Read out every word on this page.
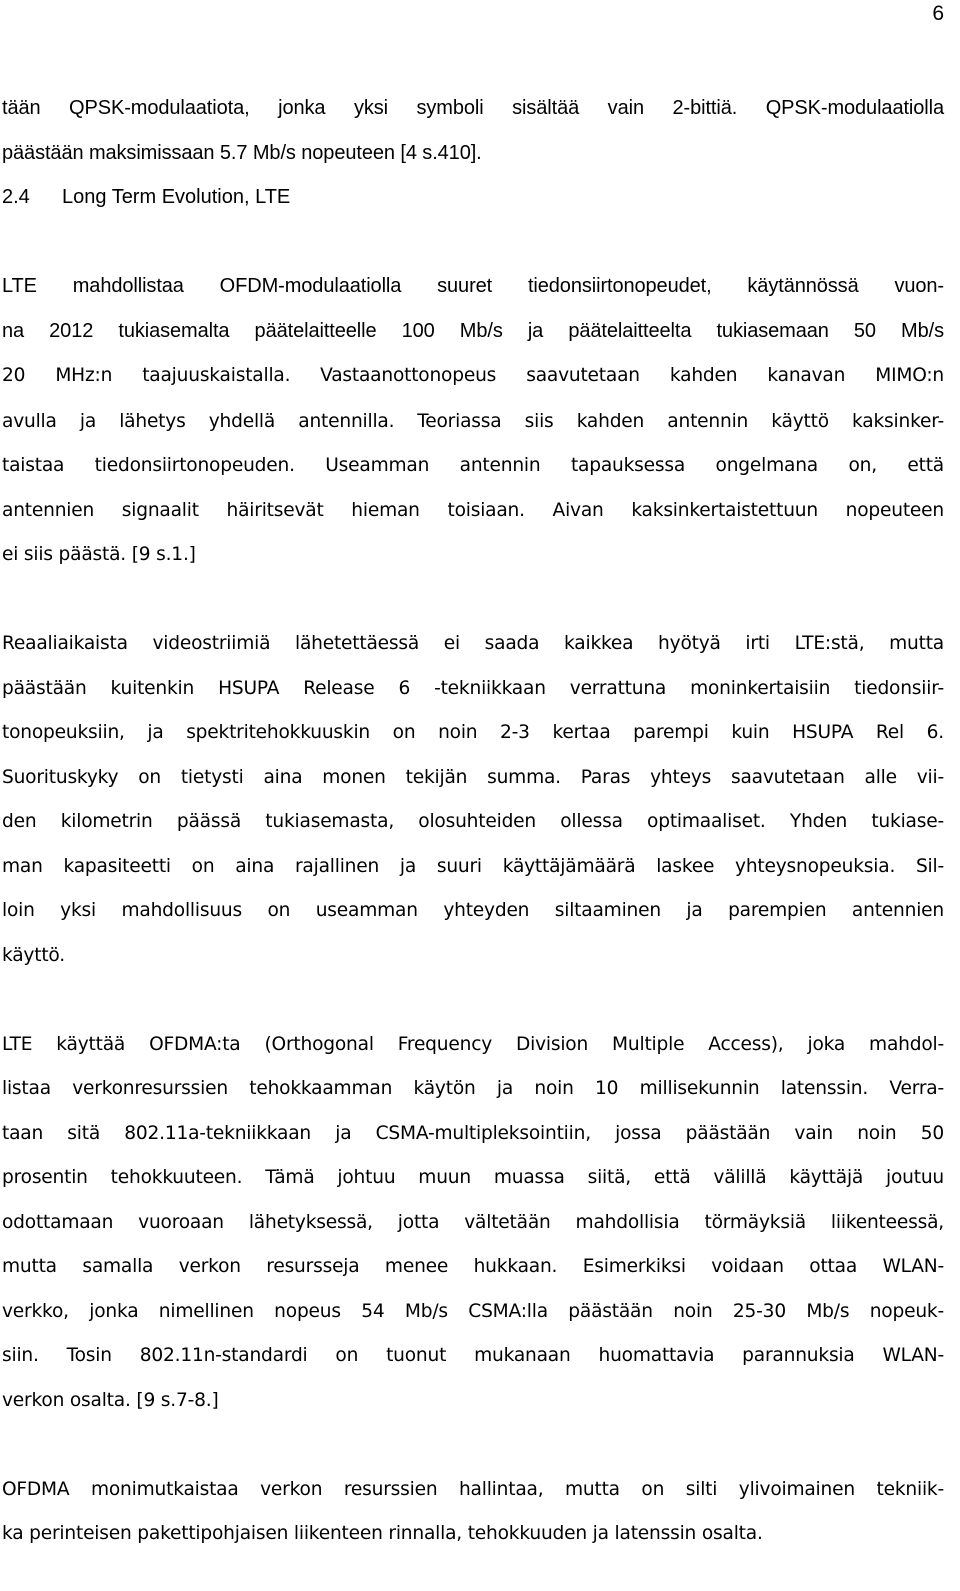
6

tään QPSK-modulaatiota, jonka yksi symboli sisältää vain 2-bittiä. QPSK-modulaatiolla
päästään maksimissaan 5.7 Mb/s nopeuteen [4 s.410].

2.4 Long Term Evolution, LTE

LTE mahdollistaa OFDM-modulaatiolla suuret tiedonsiirtonopeudet, käytännössä vuon-
na 2012 tukiasemalta päätelaitteelle 100 Mb/s ja päätelaitteelta tukiasemaan 50 Mb/s
20 MHz:n taajuuskaistalla. Vastaanottonopeus saavutetaan kahden kanavan MIMO:n
avulla ja lähetys yhdellä antennilla. Teoriassa siis kahden antennin käyttö kaksinker-
taistaa tiedonsiirtonopeuden. Useamman antennin tapauksessa ongelmana on, että
antennien signaalit häiritsevät hieman toisiaan. Aivan kaksinkertaistettuun nopeuteen
ei siis päästä. [9 s.1.]

Reaaliaikaista videostriimiä lähetettäessä ei saada kaikkea hyötyä irti LTE:stä, mutta
päästään kuitenkin HSUPA Release 6 -tekniikkaan verrattuna moninkertaisiin tiedonsiir-
tonopeuksiin, ja spektritehokkuuskin on noin 2-3 kertaa parempi kuin HSUPA Rel 6.
Suorituskyky on tietysti aina monen tekijän summa. Paras yhteys saavutetaan alle vii-
den kilometrin päässä tukiasemasta, olosuhteiden ollessa optimaaliset. Yhden tukiase-
man kapasiteetti on aina rajallinen ja suuri käyttäjämäärä laskee yhteysnopeuksia. Sil-
loin yksi mahdollisuus on useamman yhteyden siltaaminen ja parempien antennien
käyttö.

LTE käyttää OFDMA:ta (Orthogonal Frequency Division Multiple Access), joka mahdol-
listaa verkonresurssien tehokkaamman käytön ja noin 10 millisekunnin latenssin. Verra-
taan sitä 802.11a-tekniikkaan ja CSMA-multipleksointiin, jossa päästään vain noin 50
prosentin tehokkuuteen. Tämä johtuu muun muassa siitä, että välillä käyttäjä joutuu
odottamaan vuoroaan lähetyksessä, jotta vältetään mahdollisia törmäyksiä liikenteessä,
mutta samalla verkon resursseja menee hukkaan. Esimerkiksi voidaan ottaa WLAN-
verkko, jonka nimellinen nopeus 54 Mb/s CSMA:lla päästään noin 25-30 Mb/s nopeuk-
siin. Tosin 802.11n-standardi on tuonut mukanaan huomattavia parannuksia WLAN-
verkon osalta. [9 s.7-8.]

OFDMA monimutkaistaa verkon resurssien hallintaa, mutta on silti ylivoimainen tekniik-
ka perinteisen pakettipohjaisen liikenteen rinnalla, tehokkuuden ja latenssin osalta.
